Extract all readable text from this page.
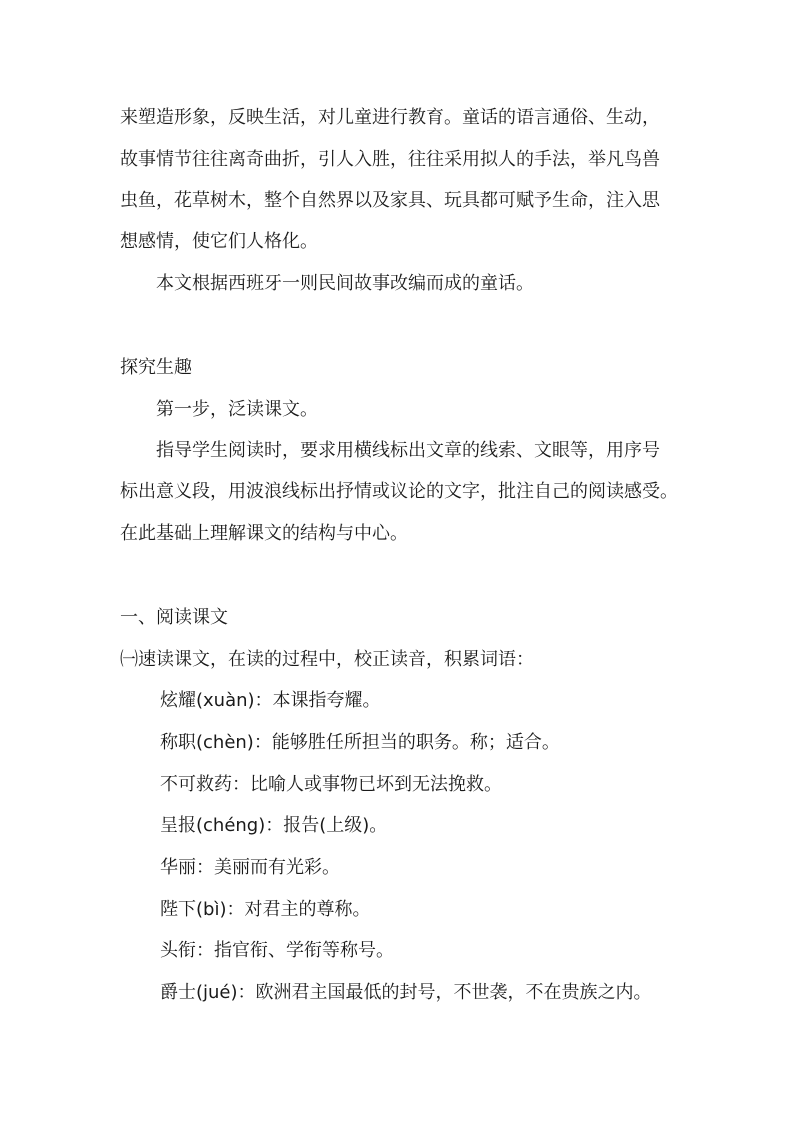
来塑造形象，反映生活，对儿童进行教育。童话的语言通俗、生动，
故事情节往往离奇曲折，引人入胜，往往采用拟人的手法，举凡鸟兽
虫鱼，花草树木，整个自然界以及家具、玩具都可赋予生命，注入思
想感情，使它们人格化。
本文根据西班牙一则民间故事改编而成的童话。
探究生趣
第一步，泛读课文。
指导学生阅读时，要求用横线标出文章的线索、文眼等，用序号
标出意义段，用波浪线标出抒情或议论的文字，批注自己的阅读感受。
在此基础上理解课文的结构与中心。
一、阅读课文
㈠速读课文，在读的过程中，校正读音，积累词语：
炫耀(xuàn)：本课指夸耀。
称职(chèn)：能够胜任所担当的职务。称；适合。
不可救药：比喻人或事物已坏到无法挽救。
呈报(chéng)：报告(上级)。
华丽：美丽而有光彩。
陛下(bì)：对君主的尊称。
头衔：指官衔、学衔等称号。
爵士(jué)：欧洲君主国最低的封号，不世袭，不在贵族之内。
